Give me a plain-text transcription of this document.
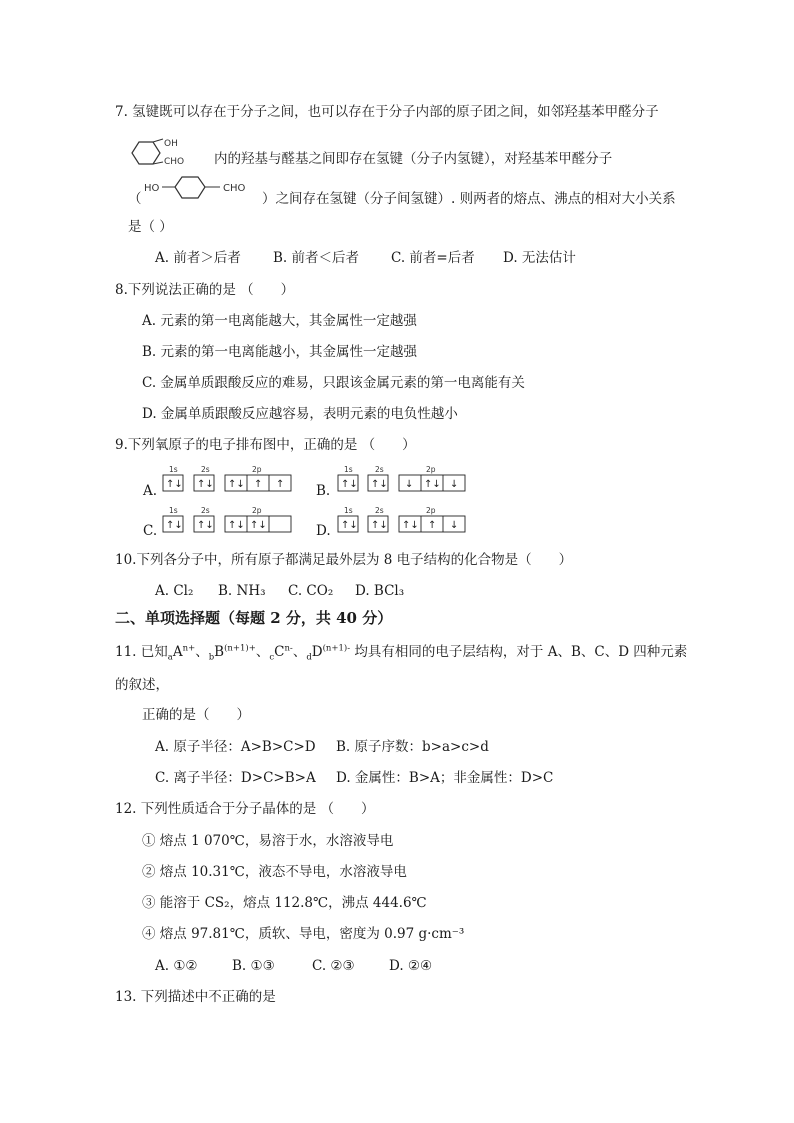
7. 氢键既可以存在于分子之间，也可以存在于分子内部的原子团之间，如邻羟基苯甲醛分子
OH
CHO 内的羟基与醛基之间即存在氢键（分子内氢键），对羟基苯甲醛分子
（
HO	CHO
）之间存在氢键（分子间氢键）. 则两者的熔点、沸点的相对大小关系
是（ ）
A. 前者＞后者 B. 前者＜后者 C. 前者=后者 D. 无法估计
8.下列说法正确的是 （　　）
A. 元素的第一电离能越大，其金属性一定越强
B. 元素的第一电离能越小，其金属性一定越强
C. 金属单质跟酸反应的难易，只跟该金属元素的第一电离能有关
D. 金属单质跟酸反应越容易，表明元素的电负性越小
9.下列氧原子的电子排布图中，正确的是 （　　）
A.
1s	2s	2p
↑↓ ↑↓ ↑↓ ↑ ↑ B.
1s	2s	2p
↑↓ ↑↓ ↓ ↑↓ ↓
C.
1s	2s	2p
↑↓ ↑↓ ↑↓ ↑↓	D.
1s	2s	2p
↑↓ ↑↓ ↑↓ ↑ ↓
10.下列各分子中，所有原子都满足最外层为 8 电子结构的化合物是（　　）
A. Cl₂ B. NH₃ C. CO₂ D. BCl₃
二、单项选择题（每题 2 分，共 40 分）
11. 已知$_aA^{n+}$、$_bB^{(n+1)+}$、$_cC^{n-}$、$_dD^{(n+1)-}$ 均具有相同的电子层结构，对于 A、B、C、D 四种元素
的叙述，
正确的是（　　）
A. 原子半径：A>B>C>D B. 原子序数：b>a>c>d
C. 离子半径：D>C>B>A D. 金属性：B>A；非金属性：D>C
12. 下列性质适合于分子晶体的是 （　　）
① 熔点 1 070℃，易溶于水，水溶液导电
② 熔点 10.31℃，液态不导电，水溶液导电
③ 能溶于 CS₂，熔点 112.8℃，沸点 444.6℃
④ 熔点 97.81℃，质软、导电，密度为 0.97 g·cm⁻³
A. ①②	B. ①③	C. ②③	D. ②④
13. 下列描述中不正确的是
